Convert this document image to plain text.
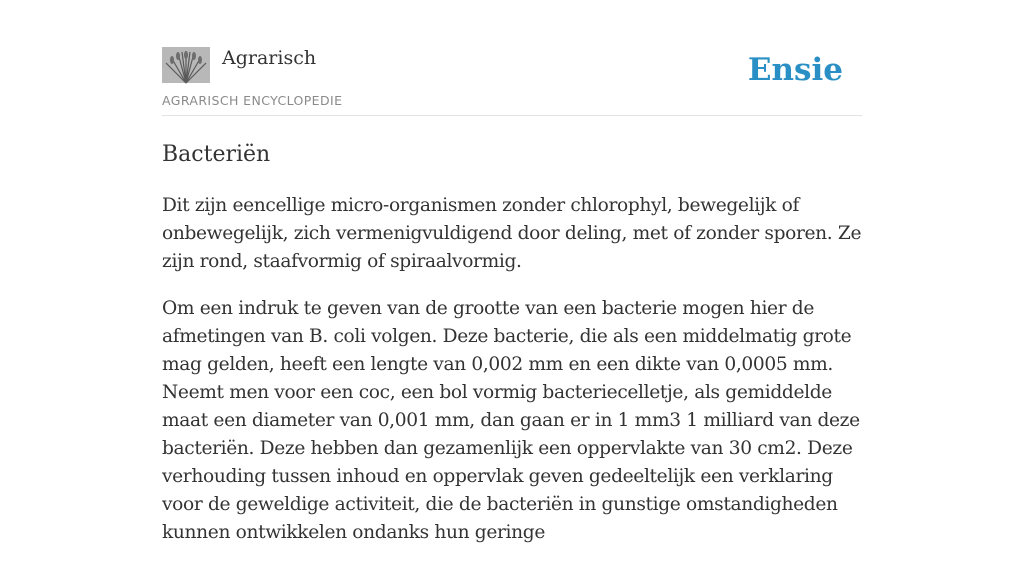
Agrarisch
AGRARISCH ENCYCLOPEDIE
Ensie
Bacteriën

Dit zijn eencellige micro-organismen zonder chlorophyl, bewegelijk of onbewegelijk, zich vermenigvuldigend door deling, met of zonder sporen. Ze zijn rond, staafvormig of spiraalvormig.

Om een indruk te geven van de grootte van een bacterie mogen hier de afmetingen van B. coli volgen. Deze bacterie, die als een middelmatig grote mag gelden, heeft een lengte van 0,002 mm en een dikte van 0,0005 mm. Neemt men voor een coc, een bol vormig bacteriecelletje, als gemiddelde maat een diameter van 0,001 mm, dan gaan er in 1 mm3 1 milliard van deze bacteriën. Deze hebben dan gezamenlijk een oppervlakte van 30 cm2. Deze verhouding tussen inhoud en oppervlak geven gedeeltelijk een verklaring voor de geweldige activiteit, die de bacteriën in gunstige omstandigheden kunnen ontwikkelen ondanks hun geringe
